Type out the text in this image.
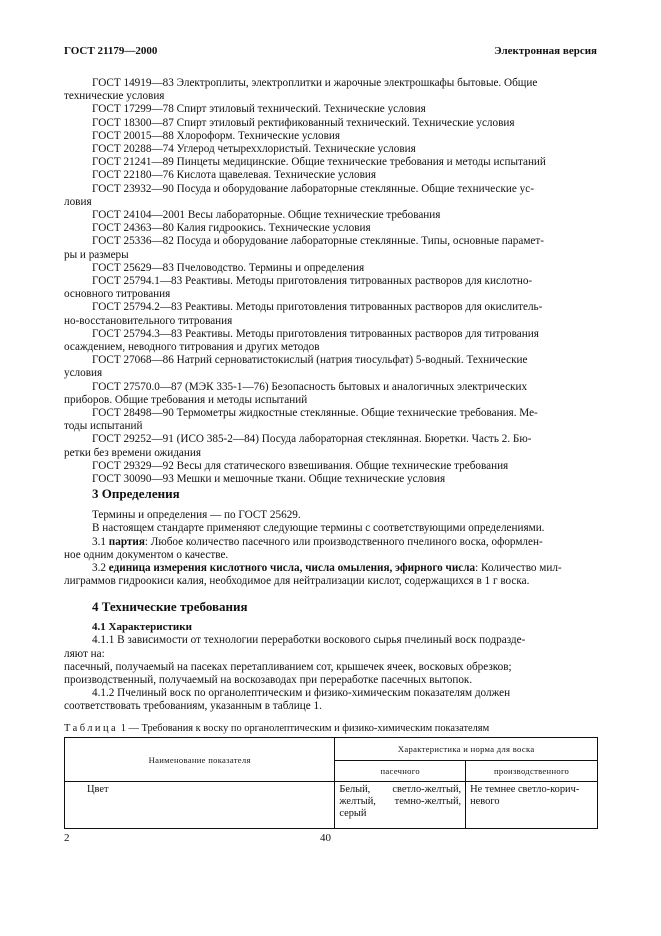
ГОСТ 21179—2000	Электронная версия
ГОСТ 14919—83 Электроплиты, электроплитки и жарочные электрошкафы бытовые. Общие
технические условия
ГОСТ 17299—78 Спирт этиловый технический. Технические условия
ГОСТ 18300—87 Спирт этиловый ректификованный технический. Технические условия
ГОСТ 20015—88 Хлороформ. Технические условия
ГОСТ 20288—74 Углерод четыреххлористый. Технические условия
ГОСТ 21241—89 Пинцеты медицинские. Общие технические требования и методы испытаний
ГОСТ 22180—76 Кислота щавелевая. Технические условия
ГОСТ 23932—90 Посуда и оборудование лабораторные стеклянные. Общие технические ус-
ловия
ГОСТ 24104—2001 Весы лабораторные. Общие технические требования
ГОСТ 24363—80 Калия гидроокись. Технические условия
ГОСТ 25336—82 Посуда и оборудование лабораторные стеклянные. Типы, основные парамет-
ры и размеры
ГОСТ 25629—83 Пчеловодство. Термины и определения
ГОСТ 25794.1—83 Реактивы. Методы приготовления титрованных растворов для кислотно-
основного титрования
ГОСТ 25794.2—83 Реактивы. Методы приготовления титрованных растворов для окислитель-
но-восстановительного титрования
ГОСТ 25794.3—83 Реактивы. Методы приготовления титрованных растворов для титрования
осаждением, неводного титрования и других методов
ГОСТ 27068—86 Натрий серноватистокислый (натрия тиосульфат) 5-водный. Технические
условия
ГОСТ 27570.0—87 (МЭК 335-1—76) Безопасность бытовых и аналогичных электрических
приборов. Общие требования и методы испытаний
ГОСТ 28498—90 Термометры жидкостные стеклянные. Общие технические требования. Ме-
тоды испытаний
ГОСТ 29252—91 (ИСО 385-2—84) Посуда лабораторная стеклянная. Бюретки. Часть 2. Бю-
ретки без времени ожидания
ГОСТ 29329—92 Весы для статического взвешивания. Общие технические требования
ГОСТ 30090—93 Мешки и мешочные ткани. Общие технические условия
3 Определения
Термины и определения — по ГОСТ 25629.
В настоящем стандарте применяют следующие термины с соответствующими определениями.
3.1 партия: Любое количество пасечного или производственного пчелиного воска, оформлен-
ное одним документом о качестве.
3.2 единица измерения кислотного числа, числа омыления, эфирного числа: Количество мил-
лиграммов гидроокиси калия, необходимое для нейтрализации кислот, содержащихся в 1 г воска.
4 Технические требования
4.1 Характеристики
4.1.1 В зависимости от технологии переработки воскового сырья пчелиный воск подразде-
ляют на:
пасечный, получаемый на пасеках перетапливанием сот, крышечек ячеек, восковых обрезков;
производственный, получаемый на воскозаводах при переработке пасечных вытопок.
4.1.2 Пчелиный воск по органолептическим и физико-химическим показателям должен
соответствовать требованиям, указанным в таблице 1.
Таблица 1 — Требования к воску по органолептическим и физико-химическим показателям
Наименование показателя	Характеристика и норма для воска	
	пасечного	производственного
Цвет	Белый, светло-желтый, желтый, темно-желтый, серый	Не темнее светло-корич- невого
2	40
